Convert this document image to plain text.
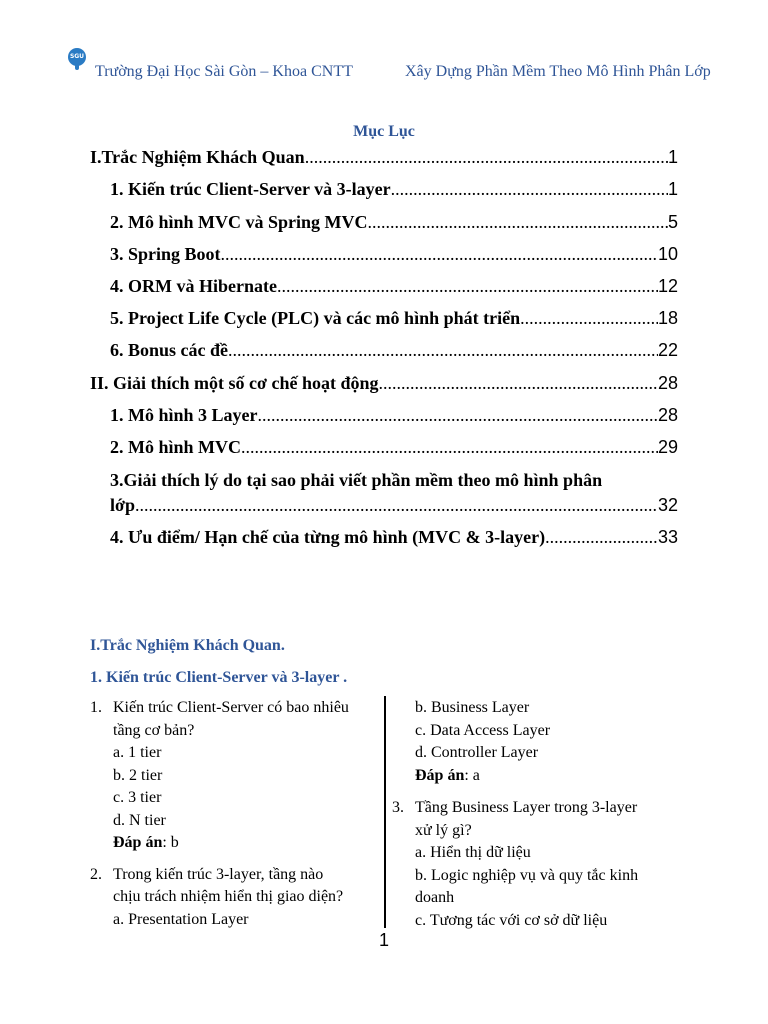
SGU
Trường Đại Học Sài Gòn – Khoa CNTT	Xây Dựng Phần Mềm Theo Mô Hình Phân Lớp
Mục Lục
I.Trắc Nghiệm Khách Quan .....	1
1. Kiến trúc Client-Server và 3-layer .....	1
2. Mô hình MVC và Spring MVC .....	5
3. Spring Boot .....	10
4. ORM và Hibernate .....	12
5. Project Life Cycle (PLC) và các mô hình phát triển .....	18
6. Bonus các đề .....	22
II. Giải thích một số cơ chế hoạt động .....	28
1. Mô hình 3 Layer .....	28
2. Mô hình MVC .....	29
3.Giải thích lý do tại sao phải viết phần mềm theo mô hình phân
lớp .....	32
4. Ưu điểm/ Hạn chế của từng mô hình (MVC & 3-layer) .....	33
I.Trắc Nghiệm Khách Quan.
1. Kiến trúc Client-Server và 3-layer .
1. Kiến trúc Client-Server có bao nhiêu
tầng cơ bản?
a. 1 tier
b. 2 tier
c. 3 tier
d. N tier
Đáp án: b
2. Trong kiến trúc 3-layer, tầng nào
chịu trách nhiệm hiển thị giao diện?
a. Presentation Layer
b. Business Layer
c. Data Access Layer
d. Controller Layer
Đáp án: a
3. Tầng Business Layer trong 3-layer
xử lý gì?
a. Hiển thị dữ liệu
b. Logic nghiệp vụ và quy tắc kinh
doanh
c. Tương tác với cơ sở dữ liệu
1
